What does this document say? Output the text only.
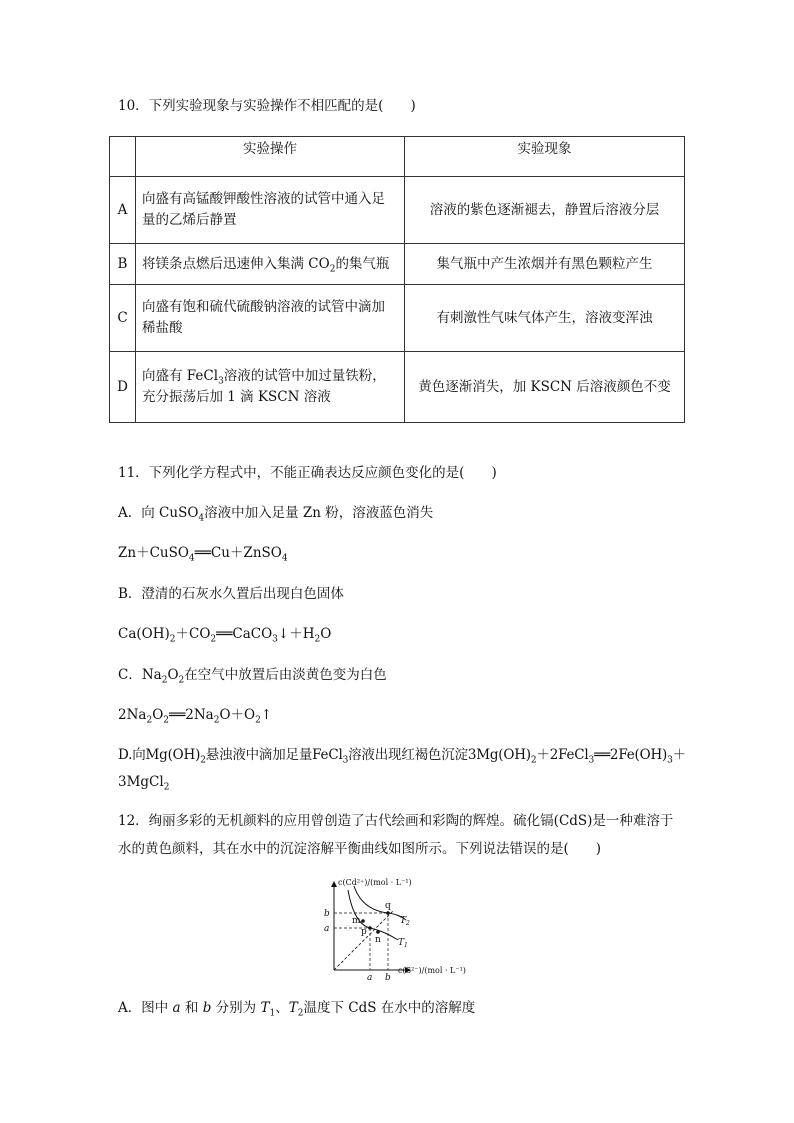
10．下列实验现象与实验操作不相匹配的是(　　)
	实验操作	实验现象
A	向盛有高锰酸钾酸性溶液的试管中通入足
量的乙烯后静置	溶液的紫色逐渐褪去，静置后溶液分层
B	将镁条点燃后迅速伸入集满 $CO_2$的集气瓶	集气瓶中产生浓烟并有黑色颗粒产生
C	向盛有饱和硫代硫酸钠溶液的试管中滴加
稀盐酸	有刺激性气味气体产生，溶液变浑浊
D	向盛有 FeCl$_3$溶液的试管中加过量铁粉，
充分振荡后加 1 滴 KSCN 溶液	黄色逐渐消失，加 KSCN 后溶液颜色不变
11．下列化学方程式中，不能正确表达反应颜色变化的是(　　)
A．向 CuSO$_4$溶液中加入足量 Zn 粉，溶液蓝色消失
Zn＋CuSO$_4$══Cu＋ZnSO$_4$
B．澄清的石灰水久置后出现白色固体
$Ca(OH)_2+CO_2══CaCO_3↓+H_2O$
C．$Na_2O_2$在空气中放置后由淡黄色变为白色
$2Na_2O_2══2Na_2O+O_2↑$
D.向$Mg(OH)_2$悬浊液中滴加足量FeCl$_3$溶液出现红褐色沉淀$3Mg(OH)_2+2FeCl_3══2Fe(OH)_3+$
3MgCl$_2$
12．绚丽多彩的无机颜料的应用曾创造了古代绘画和彩陶的辉煌。硫化镉(CdS)是一种难溶于
水的黄色颜料，其在水中的沉淀溶解平衡曲线如图所示。下列说法错误的是(　　)
c(Cd²⁺)/(mol · L⁻¹)
c(S²⁻)/(mol · L⁻¹)
b
a
a b
q
m
p
n
$T_2$
$T_1$
A．图中 a 和 b 分别为 $T_1$、$T_2$温度下 CdS 在水中的溶解度
